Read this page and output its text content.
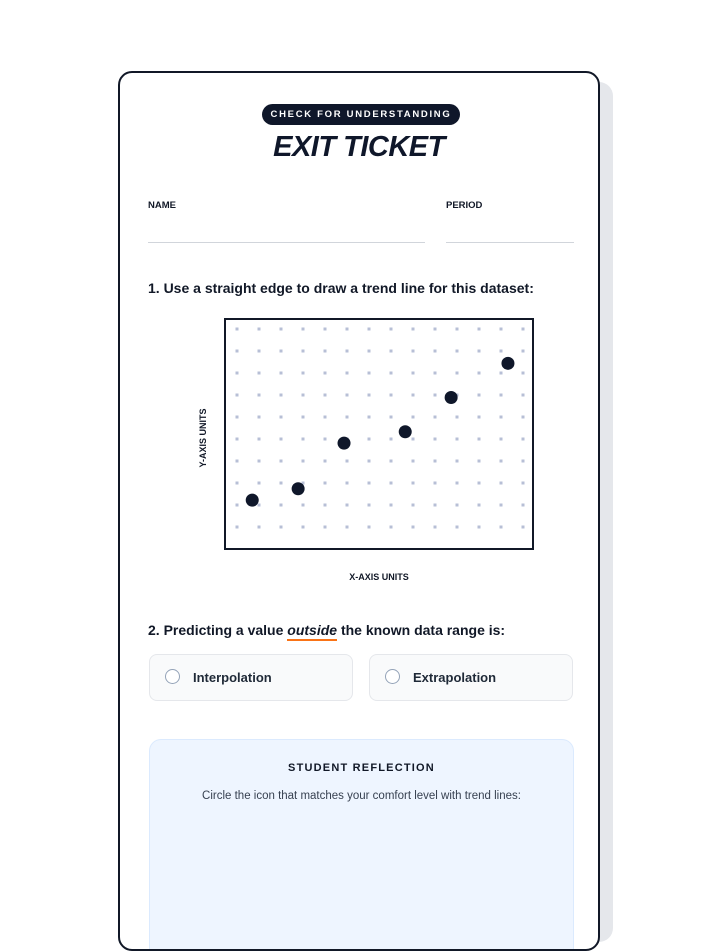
CHECK FOR UNDERSTANDING
EXIT TICKET
NAME	PERIOD
1. Use a straight edge to draw a trend line for this dataset:
Y-AXIS UNITS
X-AXIS UNITS
2. Predicting a value outside the known data range is:
Interpolation	Extrapolation
STUDENT REFLECTION
Circle the icon that matches your comfort level with trend lines:
